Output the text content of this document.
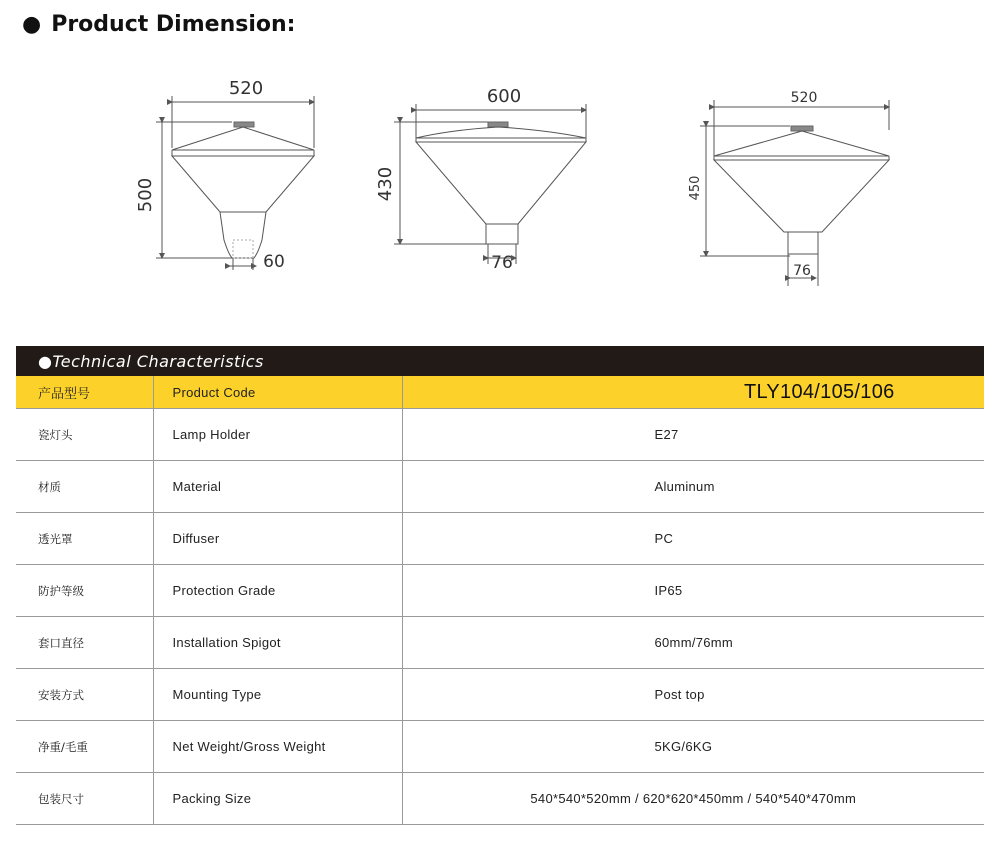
● Product Dimension:
520
500
60
600
430
76
520
450
76
●Technical Characteristics		
产品型号	Product Code	TLY104/105/106
瓷灯头	Lamp Holder	E27
材质	Material	Aluminum
透光罩	Diffuser	PC
防护等级	Protection Grade	IP65
套口直径	Installation Spigot	60mm/76mm
安装方式	Mounting Type	Post top
净重/毛重	Net Weight/Gross Weight	5KG/6KG
包装尺寸	Packing Size	540*540*520mm / 620*620*450mm / 540*540*470mm
